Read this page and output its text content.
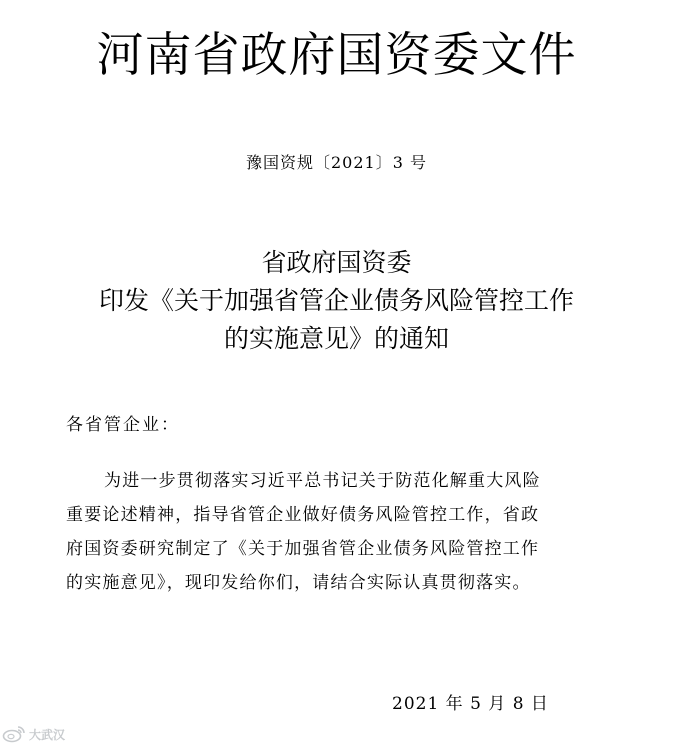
河南省政府国资委文件
豫国资规〔2021〕3 号
省政府国资委
印发《关于加强省管企业债务风险管控工作
的实施意见》的通知
各省管企业：
为进一步贯彻落实习近平总书记关于防范化解重大风险
重要论述精神，指导省管企业做好债务风险管控工作，省政
府国资委研究制定了《关于加强省管企业债务风险管控工作
的实施意见》，现印发给你们，请结合实际认真贯彻落实。
2021 年 5 月 8 日
大武汉
